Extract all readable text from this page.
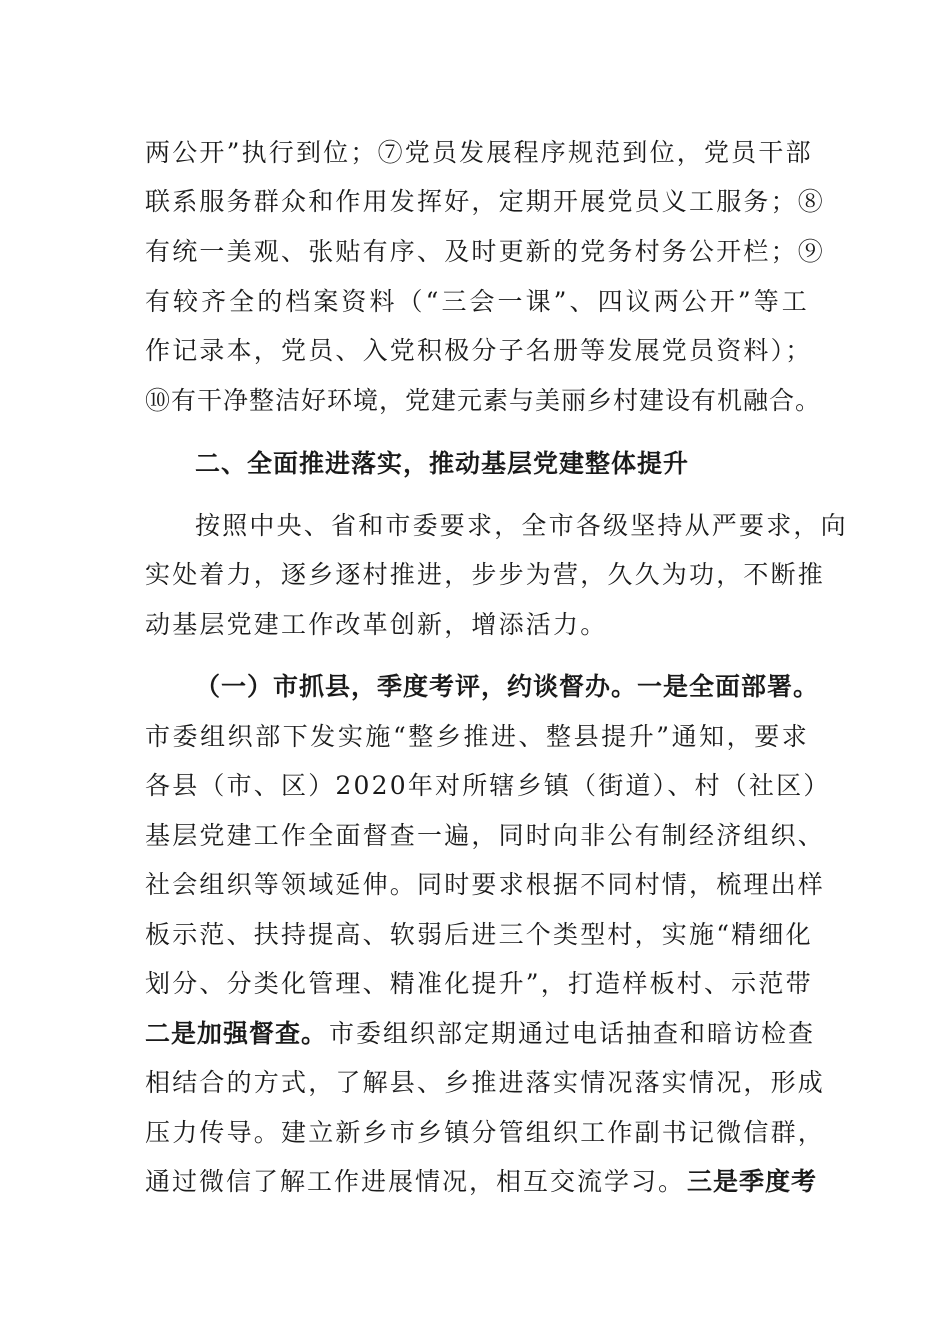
两公开”执行到位；⑦党员发展程序规范到位，党员干部
联系服务群众和作用发挥好，定期开展党员义工服务；⑧
有统一美观、张贴有序、及时更新的党务村务公开栏；⑨
有较齐全的档案资料（“三会一课”、四议两公开”等工
作记录本，党员、入党积极分子名册等发展党员资料）；
⑩有干净整洁好环境，党建元素与美丽乡村建设有机融合。
二、全面推进落实，推动基层党建整体提升
按照中央、省和市委要求，全市各级坚持从严要求，向
实处着力，逐乡逐村推进，步步为营，久久为功，不断推
动基层党建工作改革创新，增添活力。
（一）市抓县，季度考评，约谈督办。一是全面部署。
市委组织部下发实施“整乡推进、整县提升”通知，要求
各县（市、区）2020年对所辖乡镇（街道）、村（社区）
基层党建工作全面督查一遍，同时向非公有制经济组织、
社会组织等领域延伸。同时要求根据不同村情，梳理出样
板示范、扶持提高、软弱后进三个类型村，实施“精细化
划分、分类化管理、精准化提升”，打造样板村、示范带
二是加强督查。 市委组织部定期通过电话抽查和暗访检查
相结合的方式，了解县、乡推进落实情况落实情况，形成
压力传导。建立新乡市乡镇分管组织工作副书记微信群，
通过微信了解工作进展情况，相互交流学习。 三是季度考
